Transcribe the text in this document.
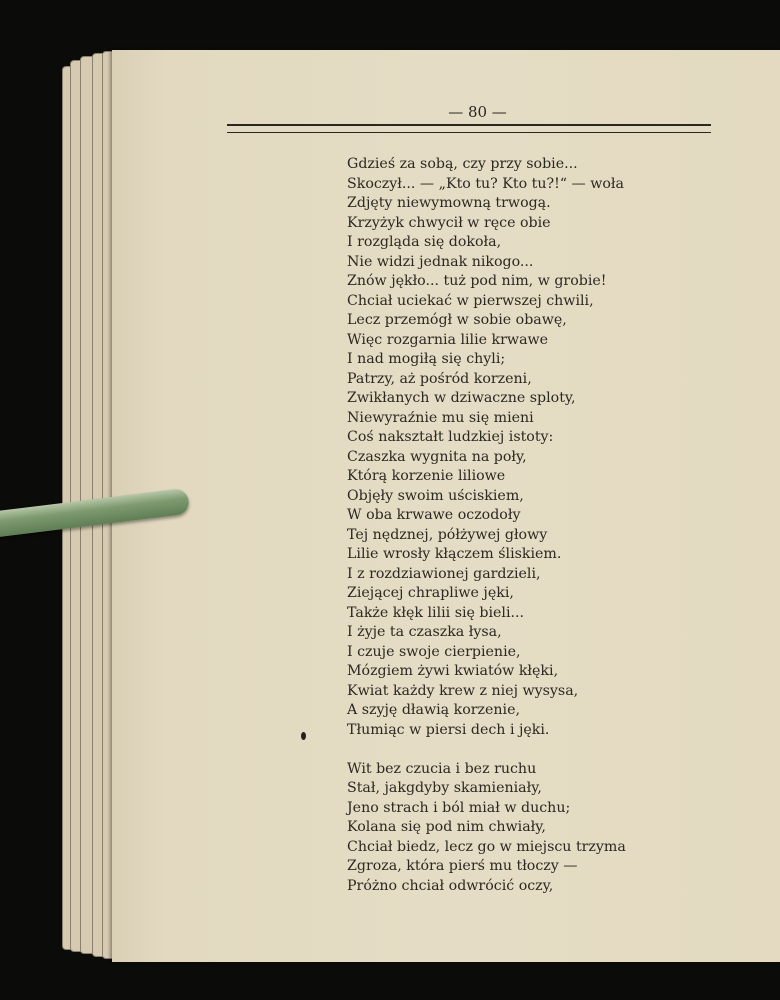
— 80 —
Gdzieś za sobą, czy przy sobie...
Skoczył... — „Kto tu? Kto tu?!“ — woła
Zdjęty niewymowną trwogą.
Krzyżyk chwycił w ręce obie
I rozgląda się dokoła,
Nie widzi jednak nikogo...
Znów jękło... tuż pod nim, w grobie!
Chciał uciekać w pierwszej chwili,
Lecz przemógł w sobie obawę,
Więc rozgarnia lilie krwawe
I nad mogiłą się chyli;
Patrzy, aż pośród korzeni,
Zwikłanych w dziwaczne sploty,
Niewyraźnie mu się mieni
Coś nakształt ludzkiej istoty:
Czaszka wygnita na poły,
Którą korzenie liliowe
Objęły swoim uściskiem,
W oba krwawe oczodoły
Tej nędznej, półżywej głowy
Lilie wrosły kłączem śliskiem.
I z rozdziawionej gardzieli,
Ziejącej chrapliwe jęki,
Także kłęk lilii się bieli...
I żyje ta czaszka łysa,
I czuje swoje cierpienie,
Mózgiem żywi kwiatów kłęki,
Kwiat każdy krew z niej wysysa,
A szyję dławią korzenie,
Tłumiąc w piersi dech i jęki.
Wit bez czucia i bez ruchu
Stał, jakgdyby skamieniały,
Jeno strach i ból miał w duchu;
Kolana się pod nim chwiały,
Chciał biedz, lecz go w miejscu trzyma
Zgroza, która pierś mu tłoczy —
Próżno chciał odwrócić oczy,
